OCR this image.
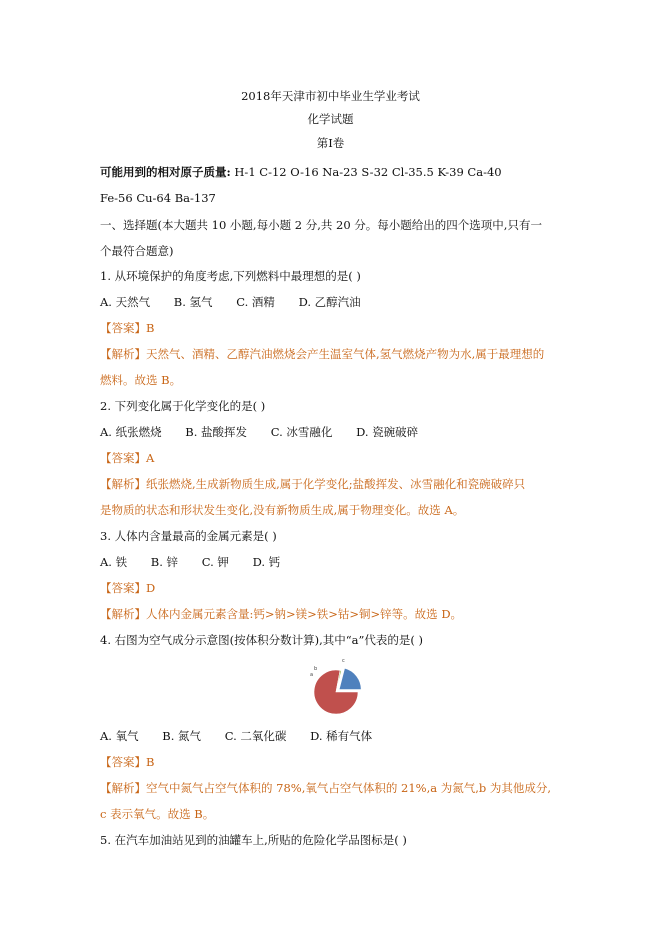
2018年天津市初中毕业生学业考试
化学试题
第Ⅰ卷
可能用到的相对原子质量: H-1 C-12 O-16 Na-23 S-32 Cl-35.5 K-39 Ca-40
Fe-56 Cu-64 Ba-137
一、选择题(本大题共 10 小题,每小题 2 分,共 20 分。每小题给出的四个选项中,只有一
个最符合题意)
1. 从环境保护的角度考虑,下列燃料中最理想的是( )
A. 天然气 B. 氢气 C. 酒精 D. 乙醇汽油
【答案】B
【解析】天然气、酒精、乙醇汽油燃烧会产生温室气体,氢气燃烧产物为水,属于最理想的
燃料。故选 B。
2. 下列变化属于化学变化的是( )
A. 纸张燃烧 B. 盐酸挥发 C. 冰雪融化 D. 瓷碗破碎
【答案】A
【解析】纸张燃烧,生成新物质生成,属于化学变化;盐酸挥发、冰雪融化和瓷碗破碎只
是物质的状态和形状发生变化,没有新物质生成,属于物理变化。故选 A。
3. 人体内含量最高的金属元素是( )
A. 铁 B. 锌 C. 钾 D. 钙
【答案】D
【解析】人体内金属元素含量:钙>钠>镁>铁>钴>铜>锌等。故选 D。
4. 右图为空气成分示意图(按体积分数计算),其中“a”代表的是( )
a
b
c
A. 氧气 B. 氮气 C. 二氧化碳 D. 稀有气体
【答案】B
【解析】空气中氮气占空气体积的 78%,氧气占空气体积的 21%,a 为氮气,b 为其他成分,
c 表示氧气。故选 B。
5. 在汽车加油站见到的油罐车上,所贴的危险化学品图标是( )
